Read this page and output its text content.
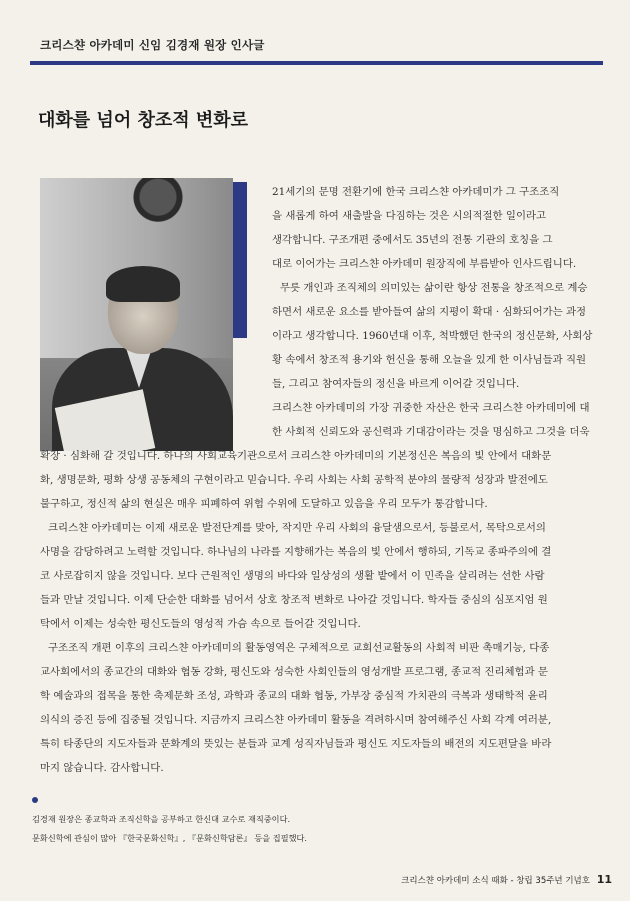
크리스챤 아카데미 신임 김경재 원장 인사글
대화를 넘어 창조적 변화로
21세기의 문명 전환기에 한국 크리스챤 아카데미가 그 구조조직
을 새롭게 하여 새출발을 다짐하는 것은 시의적절한 일이라고
생각합니다. 구조개편 중에서도 35년의 전통 기관의 호칭을 그
대로 이어가는 크리스챤 아카데미 원장직에 부름받아 인사드립니다.
무릇 개인과 조직체의 의미있는 삶이란 항상 전통을 창조적으로 계승
하면서 새로운 요소를 받아들여 삶의 지평이 확대 · 심화되어가는 과정
이라고 생각합니다. 1960년대 이후, 척박했던 한국의 정신문화, 사회상
황 속에서 창조적 용기와 헌신을 통해 오늘을 있게 한 이사님들과 직원
들, 그리고 참여자들의 정신을 바르게 이어갈 것입니다.
크리스챤 아카데미의 가장 귀중한 자산은 한국 크리스챤 아카데미에 대
한 사회적 신뢰도와 공신력과 기대감이라는 것을 명심하고 그것을 더욱
확장 · 심화해 갈 것입니다. 하나의 사회교육기관으로서 크리스챤 아카데미의 기본정신은 복음의 빛 안에서 대화문
화, 생명문화, 평화 상생 공동체의 구현이라고 믿습니다. 우리 사회는 사회 공학적 분야의 물량적 성장과 발전에도
불구하고, 정신적 삶의 현실은 매우 피폐하여 위험 수위에 도달하고 있음을 우리 모두가 통감합니다.
크리스챤 아카데미는 이제 새로운 발전단계를 맞아, 작지만 우리 사회의 융달샘으로서, 등불로서, 목탁으로서의
사명을 감당하려고 노력할 것입니다. 하나님의 나라를 지향해가는 복음의 빛 안에서 행하되, 기독교 종파주의에 결
코 사로잡히지 않을 것입니다. 보다 근원적인 생명의 바다와 일상성의 생활 밭에서 이 민족을 살리려는 선한 사람
들과 만날 것입니다. 이제 단순한 대화를 넘어서 상호 창조적 변화로 나아갈 것입니다. 학자들 중심의 심포지엄 원
탁에서 이제는 성숙한 평신도들의 영성적 가슴 속으로 들어갈 것입니다.
구조조직 개편 이후의 크리스챤 아카데미의 활동영역은 구체적으로 교회선교활동의 사회적 비판 촉매기능, 다종
교사회에서의 종교간의 대화와 협동 강화, 평신도와 성숙한 사회인들의 영성개발 프로그램, 종교적 진리체험과 문
학 예술과의 접목을 통한 축제문화 조성, 과학과 종교의 대화 협동, 가부장 중심적 가치관의 극복과 생태학적 윤리
의식의 증진 등에 집중될 것입니다. 지금까지 크리스챤 아카데미 활동을 격려하시며 참여해주신 사회 각계 여러분,
특히 타종단의 지도자들과 문화계의 뜻있는 분들과 교계 성직자님들과 평신도 지도자들의 배전의 지도편달을 바라
마지 않습니다. 감사합니다.
김경재 원장은 종교학과 조직신학을 공부하고 한신대 교수로 재직중이다.
문화신학에 관심이 많아 『한국문화신학』, 『문화신학담론』 등을 집필했다.
크리스챤 아카데미 소식 때화 - 창립 35주년 기념호 11
